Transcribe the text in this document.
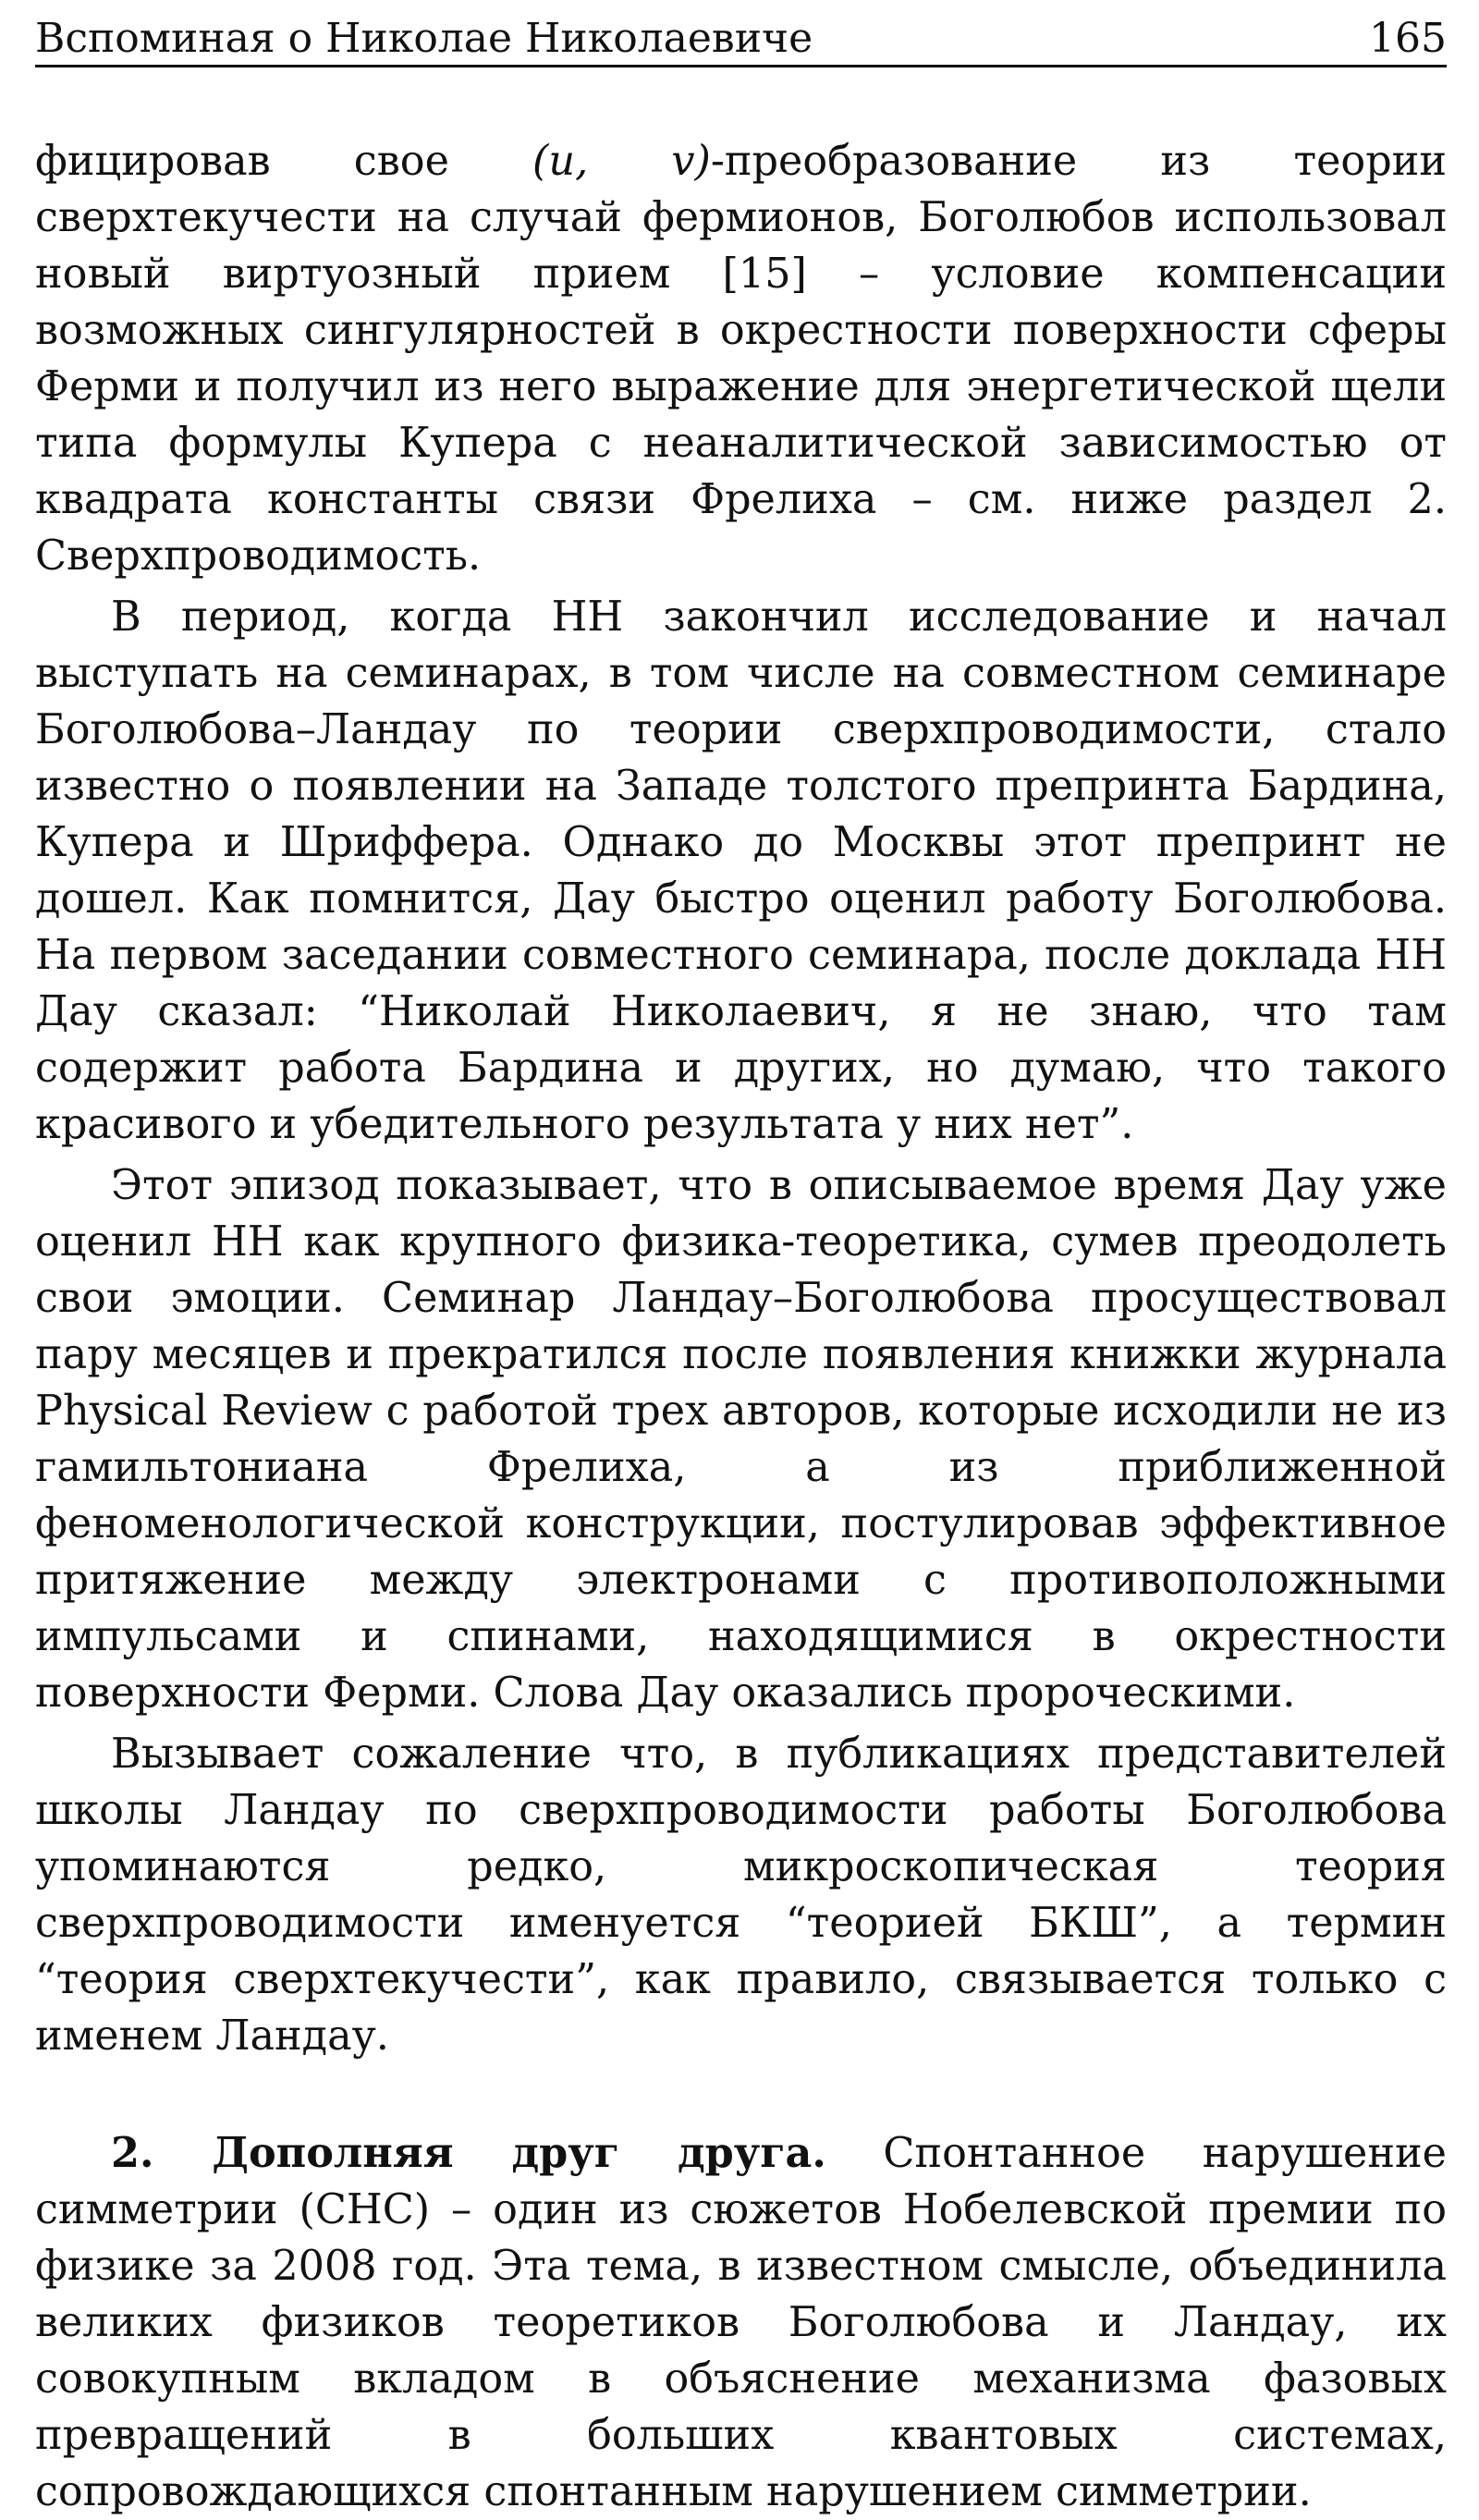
Вспоминая о Николае Николаевиче	165

фицировав свое (u, v)-преобразование из теории сверхтекучести на случай фермионов, Боголюбов использовал новый виртуозный прием [15] – условие компенсации возможных сингулярностей в окрестности поверхности сферы Ферми и получил из него выражение для энергетической щели типа формулы Купера с неаналитической зависимостью от квадрата константы связи Фрелиха – см. ниже раздел 2. Сверхпроводимость.

В период, когда НН закончил исследование и начал выступать на семинарах, в том числе на совместном семинаре Боголюбова–Ландау по теории сверхпроводимости, стало известно о появлении на Западе толстого препринта Бардина, Купера и Шриффера. Однако до Москвы этот препринт не дошел. Как помнится, Дау быстро оценил работу Боголюбова. На первом заседании совместного семинара, после доклада НН Дау сказал: “Николай Николаевич, я не знаю, что там содержит работа Бардина и других, но думаю, что такого красивого и убедительного результата у них нет”.

Этот эпизод показывает, что в описываемое время Дау уже оценил НН как крупного физика-теоретика, сумев преодолеть свои эмоции. Семинар Ландау–Боголюбова просуществовал пару месяцев и прекратился после появления книжки журнала Physical Review с работой трех авторов, которые исходили не из гамильтониана Фрелиха, а из приближенной феноменологической конструкции, постулировав эффективное притяжение между электронами с противоположными импульсами и спинами, находящимися в окрестности поверхности Ферми. Слова Дау оказались пророческими.

Вызывает сожаление что, в публикациях представителей школы Ландау по сверхпроводимости работы Боголюбова упоминаются редко, микроскопическая теория сверхпроводимости именуется “теорией БКШ”, а термин “теория сверхтекучести”, как правило, связывается только с именем Ландау.

2. Дополняя друг друга. Спонтанное нарушение симметрии (СНС) – один из сюжетов Нобелевской премии по физике за 2008 год. Эта тема, в известном смысле, объединила великих физиков теоретиков Боголюбова и Ландау, их совокупным вкладом в объяснение механизма фазовых превращений в больших квантовых системах, сопровождающихся спонтанным нарушением симметрии.
